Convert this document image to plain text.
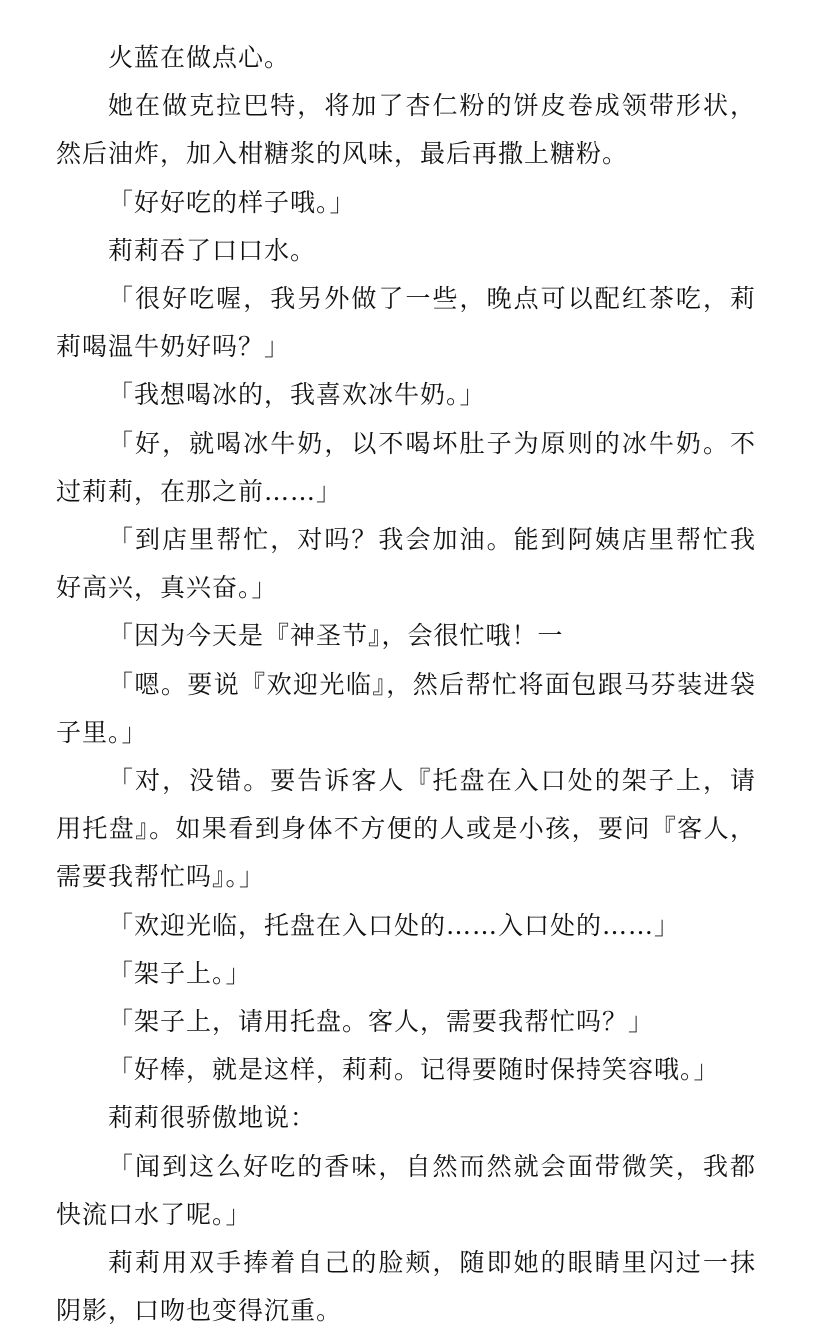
火蓝在做点心。

她在做克拉巴特，将加了杏仁粉的饼皮卷成领带形状，然后油炸，加入柑糖浆的风味，最后再撒上糖粉。

「好好吃的样子哦。」

莉莉吞了口口水。

「很好吃喔，我另外做了一些，晚点可以配红茶吃，莉莉喝温牛奶好吗？」

「我想喝冰的，我喜欢冰牛奶。」

「好，就喝冰牛奶，以不喝坏肚子为原则的冰牛奶。不过莉莉，在那之前……」

「到店里帮忙，对吗？我会加油。能到阿姨店里帮忙我好高兴，真兴奋。」

「因为今天是『神圣节』，会很忙哦！一

「嗯。要说『欢迎光临』，然后帮忙将面包跟马芬装进袋子里。」

「对，没错。要告诉客人『托盘在入口处的架子上，请用托盘』。如果看到身体不方便的人或是小孩，要问『客人，需要我帮忙吗』。」

「欢迎光临，托盘在入口处的……入口处的……」

「架子上。」

「架子上，请用托盘。客人，需要我帮忙吗？」

「好棒，就是这样，莉莉。记得要随时保持笑容哦。」

莉莉很骄傲地说：

「闻到这么好吃的香味，自然而然就会面带微笑，我都快流口水了呢。」

莉莉用双手捧着自己的脸颊，随即她的眼睛里闪过一抹阴影，口吻也变得沉重。
